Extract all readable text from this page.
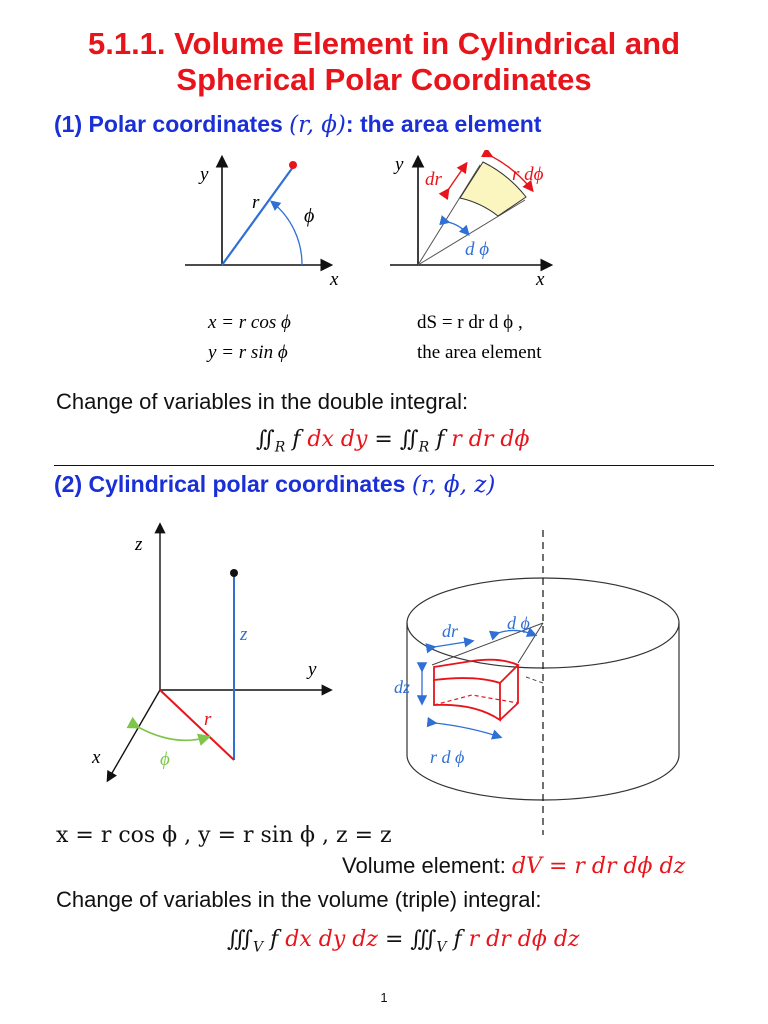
5.1.1. Volume Element in Cylindrical and
Spherical Polar Coordinates
(1) Polar coordinates (r, ϕ): the area element
y
x
r
ϕ
y
x
dr	r dϕ
d ϕ
x = r cos ϕ
y = r sin ϕ
dS = r dr d ϕ ,
the area element
Change of variables in the double integral:
$∬_R$ f dx dy = $∬_R$ f r dr dϕ
(2) Cylindrical polar coordinates (r, ϕ, z)
z
y
x
z
r
ϕ
dr	d ϕ
dz
r d ϕ
x = r cos ϕ , y = r sin ϕ , z = z
Volume element: dV = r dr dϕ dz
Change of variables in the volume (triple) integral:
$∭_V$ f dx dy dz = $∭_V$ f r dr dϕ dz
1
